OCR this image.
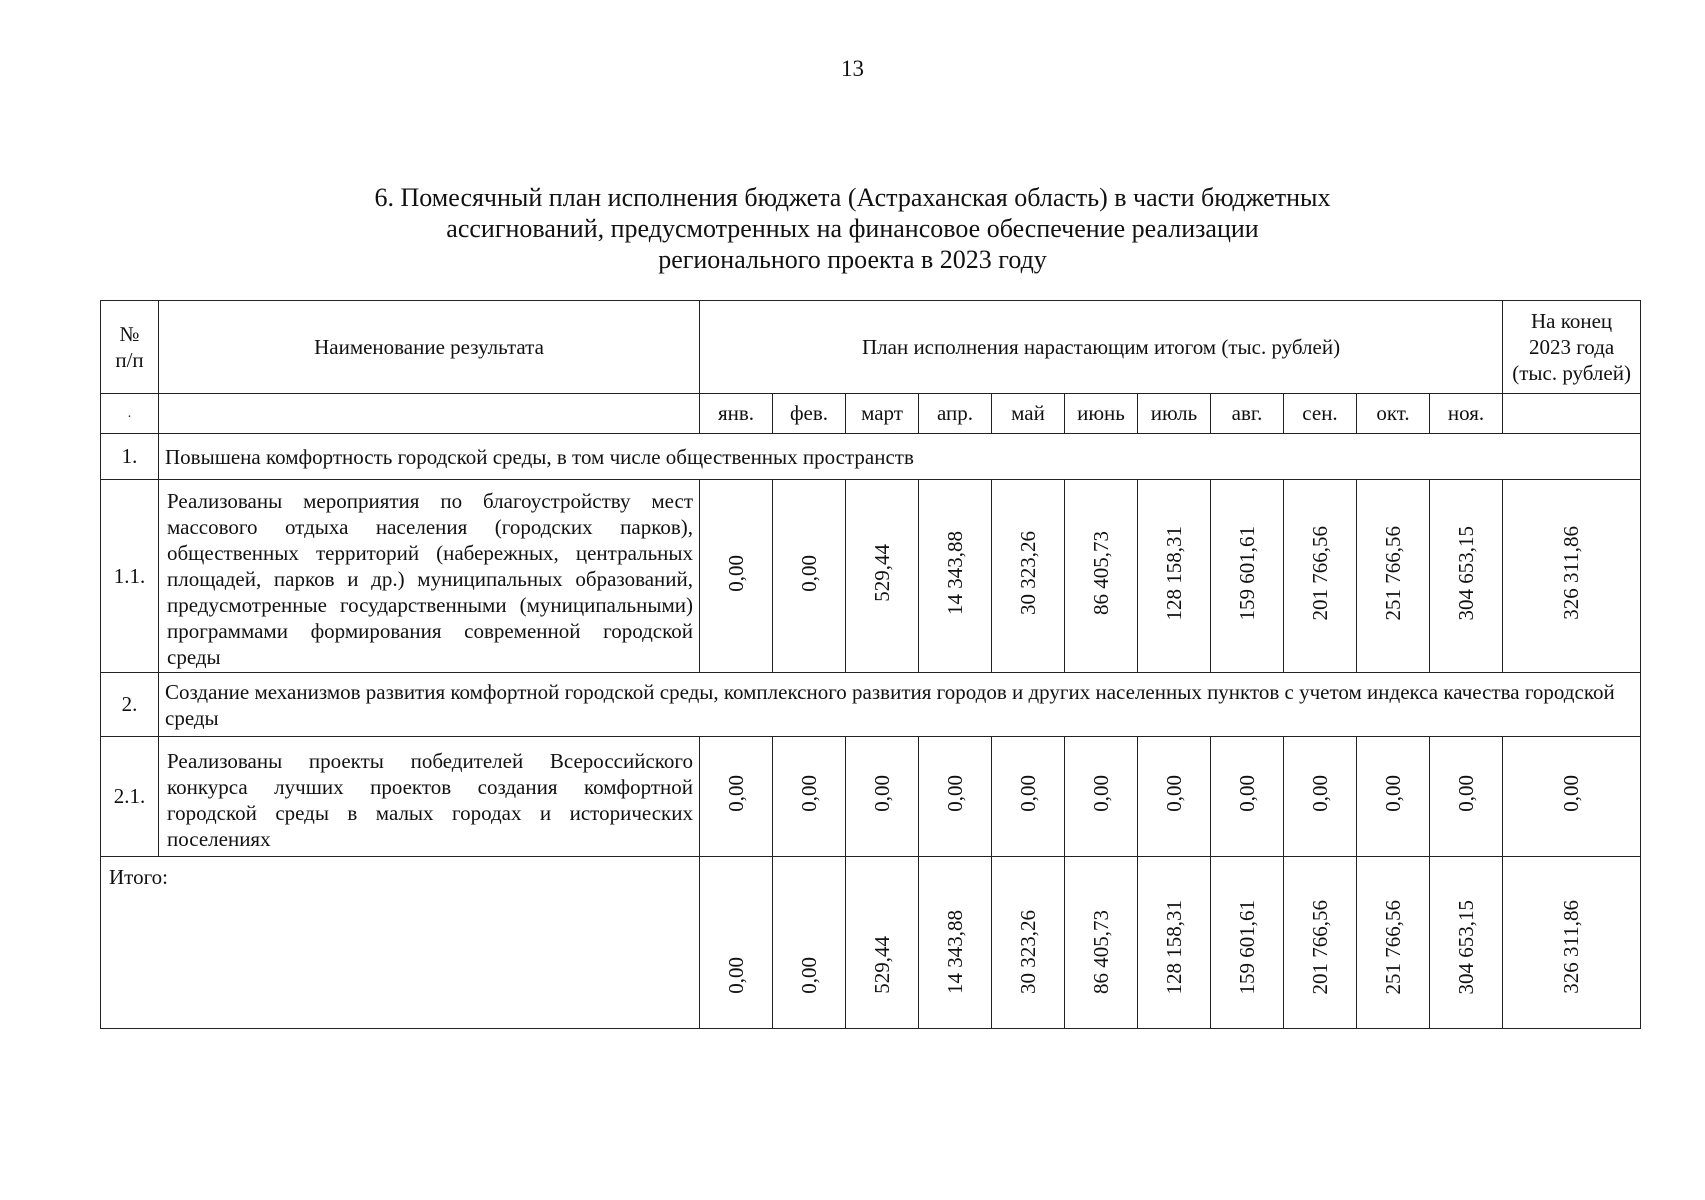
13
6. Помесячный план исполнения бюджета (Астраханская область) в части бюджетных
ассигнований, предусмотренных на финансовое обеспечение реализации
регионального проекта в 2023 году
№ п/п	Наименование результата	План исполнения нарастающим итогом (тыс. рублей)											На конец
2023 года
(тыс. рублей)

.		янв.	фев.	март	апр.	май	июнь	июль	авг.	сен.	окт.	ноя.	
1.	Повышена комфортность городской среды, в том числе общественных пространств												
1.1.	Реализованы мероприятия по благоустройству мест массового отдыха населения (городских парков), общественных территорий (набережных, центральных площадей, парков и др.) муниципальных образований, предусмотренные государственными (муниципальными) программами формирования современной городской среды	0,00	0,00	529,44	14 343,88	30 323,26	86 405,73	128 158,31	159 601,61	201 766,56	251 766,56	304 653,15	326 311,86
2.	Создание механизмов развития комфортной городской среды, комплексного развития городов и других населенных пунктов с учетом индекса качества городской среды												
2.1.	Реализованы проекты победителей Всероссийского конкурса лучших проектов создания комфортной городской среды в малых городах и исторических поселениях	0,00	0,00	0,00	0,00	0,00	0,00	0,00	0,00	0,00	0,00	0,00	0,00
Итого:		0,00	0,00	529,44	14 343,88	30 323,26	86 405,73	128 158,31	159 601,61	201 766,56	251 766,56	304 653,15	326 311,86
